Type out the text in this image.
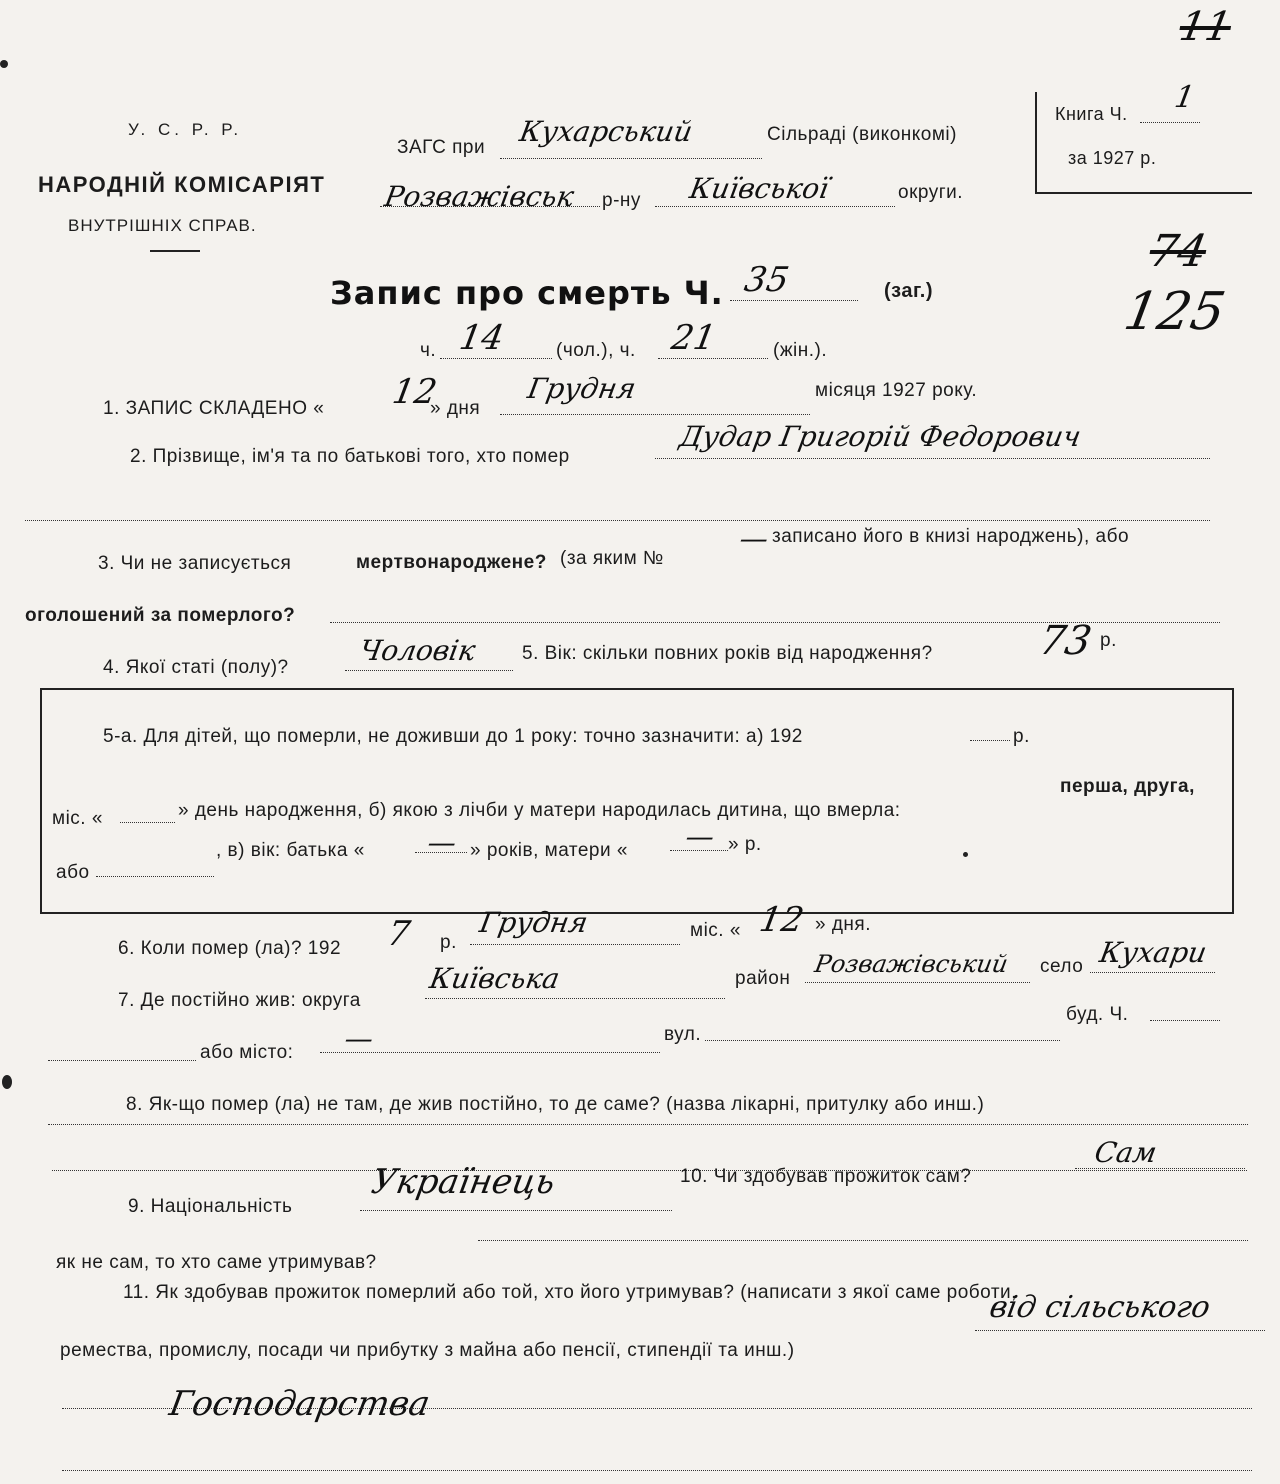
У. С. Р. Р.
НАРОДНІЙ КОМІСАРІЯТ
ВНУТРІШНІХ СПРАВ.
ЗАГС при Кухарський	Сільраді (виконкомі)
Розважівськ р-ну Київської	округи.
Книга Ч. 1
за 1927 р.
11
74
125
Запис про смерть Ч. 35	(заг.)
ч. 14	(чол.), ч. 21	(жін.).
1. ЗАПИС СКЛАДЕНО « 12
» дня
Грудня	місяця 1927 року.
2. Прізвище, ім'я та по батькові того, хто помер
Дудар Григорій Федорович
3. Чи не записується	мертвонароджене? (за яким №
— записано його в книзі народжень), або
оголошений за померлого?
4. Якої статі (полу)?
Чоловік 5. Вік: скільки повних років від народження?	73 р.
5-а. Для дітей, що померли, не доживши до 1 року: точно зазначити: а) 192	р.
міс. «	» день народження, б) якою з лічби у матери народилась дитина, що вмерла:
перша, друга,
або
, в) вік: батька « — » років, матери « — » р.
6. Коли помер (ла)? 192 7 р.
Грудня	міс. « 12 » дня.
7. Де постійно жив: округа
Київська	район
Розважівський село Кухари
або місто: —	вул.
буд. Ч.
8. Як-що помер (ла) не там, де жив постійно, то де саме? (назва лікарні, притулку або инш.)
9. Національність
Українець	10. Чи здобував прожиток сам?
Сам
як не сам, то хто саме утримував?
11. Як здобував прожиток померлий або той, хто його утримував? (написати з якої саме роботи,
ремества, промислу, посади чи прибутку з майна або пенсії, стипендії та инш.)
від сільського
Господарства
